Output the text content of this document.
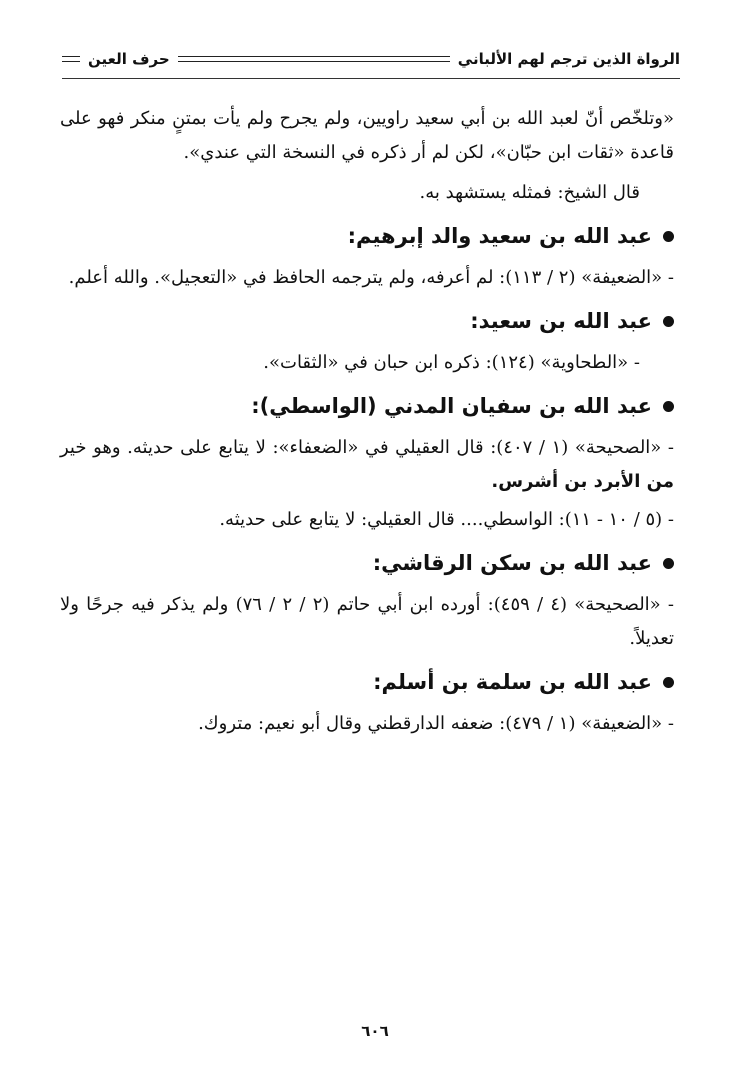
الرواة الذين ترجم لهم الألباني
حرف العين

«وتلخّص أنّ لعبد الله بن أبي سعيد راويين، ولم يجرح ولم يأت بمتنٍ منكر فهو على قاعدة «ثقات ابن حبّان»، لكن لم أر ذكره في النسخة التي عندي».

قال الشيخ: فمثله يستشهد به.

عبد الله بن سعيد والد إبرهيم:

- «الضعيفة» (٢ / ١١٣): لم أعرفه، ولم يترجمه الحافظ في «التعجيل». والله أعلم.

عبد الله بن سعيد:

- «الطحاوية» (١٢٤): ذكره ابن حبان في «الثقات».

عبد الله بن سفيان المدني (الواسطي):

- «الصحيحة» (١ / ٤٠٧): قال العقيلي في «الضعفاء»: لا يتابع على حديثه. وهو خير من الأبرد بن أشرس.

- (٥ / ١٠ - ١١): الواسطي.... قال العقيلي: لا يتابع على حديثه.

عبد الله بن سكن الرقاشي:

- «الصحيحة» (٤ / ٤٥٩): أورده ابن أبي حاتم (٢ / ٢ / ٧٦) ولم يذكر فيه جرحًا ولا تعديلاً.

عبد الله بن سلمة بن أسلم:

- «الضعيفة» (١ / ٤٧٩): ضعفه الدارقطني وقال أبو نعيم: متروك.

٦٠٦
